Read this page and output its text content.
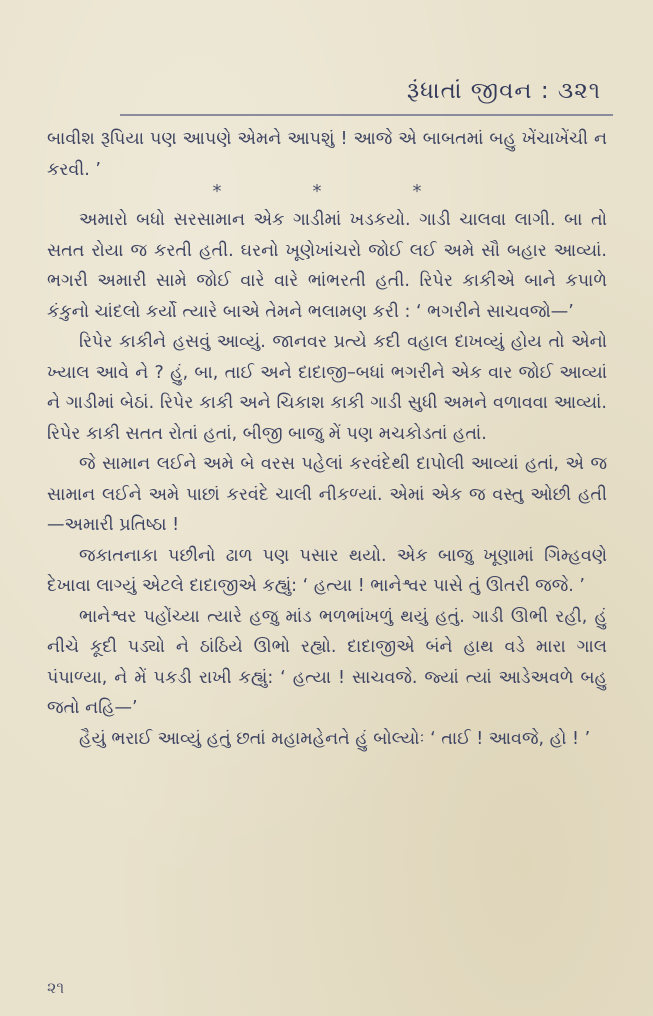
રૂંધાતાં જીવન : ૩૨૧

બાવીશ રૂપિયા પણ આપણે એમને આપશું ! આજે એ બાબતમાં બહુ ખેંચાખેંચી ન કરવી. ’

*	*	*

અમારો બધો સરસામાન એક ગાડીમાં ખડકયો. ગાડી ચાલવા લાગી. બા તો સતત રોયા જ કરતી હતી. ઘરનો ખૂણેખાંચરો જોઈ લઈ અમે સૌ બહાર આવ્યાં. ભગરી અમારી સામે જોઈ વારે વારે ભાંભરતી હતી. રિપેર કાકીએ બાને કપાળે કંકુનો ચાંદલો કર્યો ત્યારે બાએ તેમને ભલામણ કરી : ‘ ભગરીને સાચવજો—’

રિપેર કાકીને હસવું આવ્યું. જાનવર પ્રત્યે કદી વહાલ દાખવ્યું હોય તો એનો ખ્યાલ આવે ને ? હું, બા, તાઈ અને દાદાજી–બધાં ભગરીને એક વાર જોઈ આવ્યાં ને ગાડીમાં બેઠાં. રિપેર કાકી અને ચિકાશ કાકી ગાડી સુધી અમને વળાવવા આવ્યાં. રિપેર કાકી સતત રોતાં હતાં, બીજી બાજુ મેં પણ મચકોડતાં હતાં.

જે સામાન લઈને અમે બે વરસ પહેલાં કરવંદેથી દાપોલી આવ્યાં હતાં, એ જ સામાન લઈને અમે પાછાં કરવંદે ચાલી નીકળ્યાં. એમાં એક જ વસ્તુ ઓછી હતી—અમારી પ્રતિષ્ઠા !

જકાતનાકા પછીનો ઢાળ પણ પસાર થયો. એક બાજુ ખૂણામાં ગિમ્હવણે દેખાવા લાગ્યું એટલે દાદાજીએ કહ્યું: ‘ હત્યા ! ભાનેશ્વર પાસે તું ઊતરી જજે. ’

ભાનેશ્વર પહોંચ્યા ત્યારે હજુ માંડ ભળભાંખળું થયું હતું. ગાડી ઊભી રહી, હું નીચે કૂદી પડ્યો ને ઠાંઠિયે ઊભો રહ્યો. દાદાજીએ બંને હાથ વડે મારા ગાલ પંપાળ્યા, ને મેં પકડી રાખી કહ્યું: ‘ હત્યા ! સાચવજે. જ્યાં ત્યાં આડેઅવળે બહુ જતો નહિ—’

હૈયું ભરાઈ આવ્યું હતું છતાં મહામહેનતે હું બોલ્યોઃ ‘ તાઈ ! આવજે, હો ! ’

૨૧
